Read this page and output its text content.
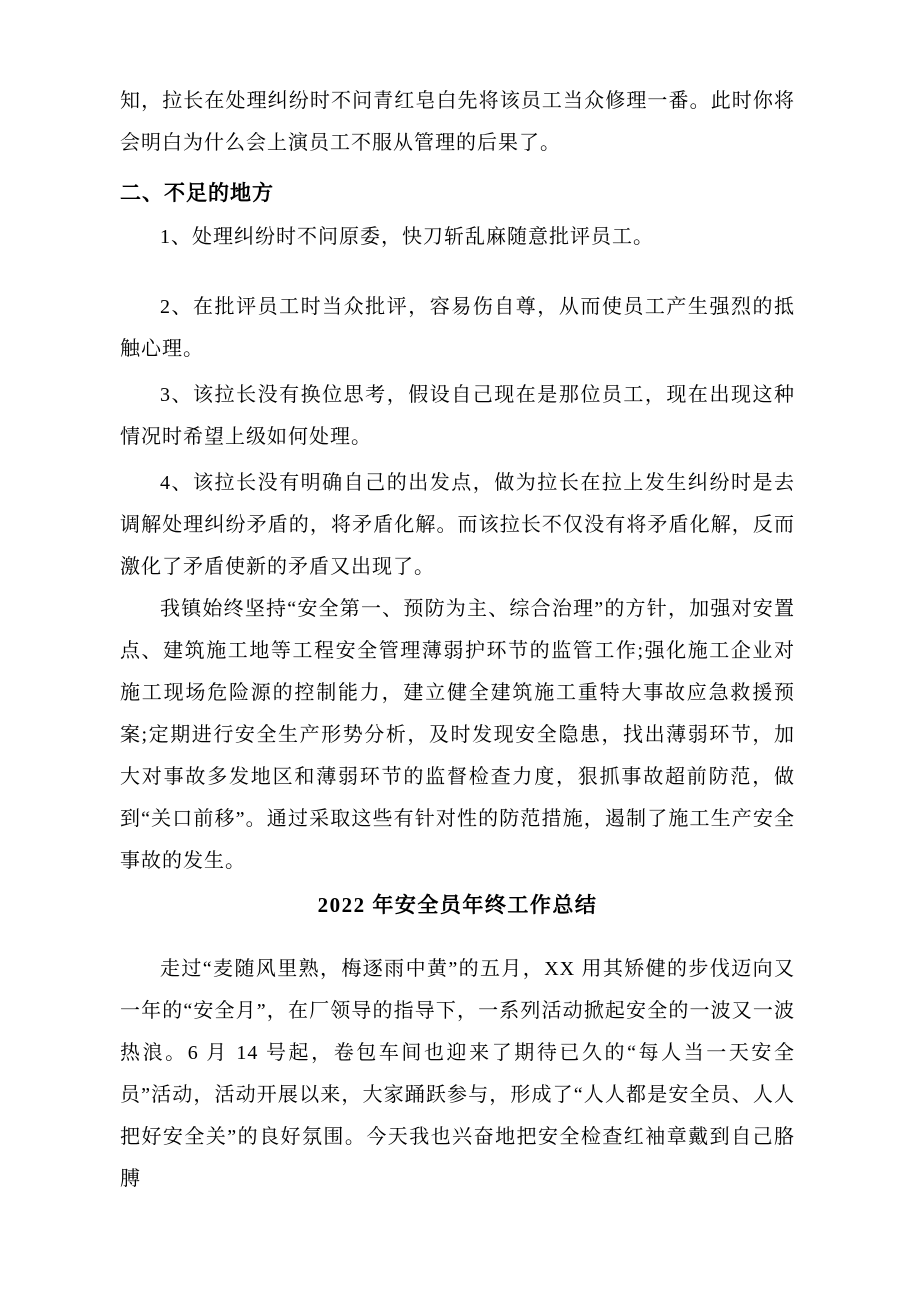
知，拉长在处理纠纷时不问青红皂白先将该员工当众修理一番。此时你将会明白为什么会上演员工不服从管理的后果了。

二、不足的地方

1、处理纠纷时不问原委，快刀斩乱麻随意批评员工。

2、在批评员工时当众批评，容易伤自尊，从而使员工产生强烈的抵触心理。

3、该拉长没有换位思考，假设自己现在是那位员工，现在出现这种情况时希望上级如何处理。

4、该拉长没有明确自己的出发点，做为拉长在拉上发生纠纷时是去调解处理纠纷矛盾的，将矛盾化解。而该拉长不仅没有将矛盾化解，反而激化了矛盾使新的矛盾又出现了。

我镇始终坚持“安全第一、预防为主、综合治理”的方针，加强对安置点、建筑施工地等工程安全管理薄弱护环节的监管工作;强化施工企业对施工现场危险源的控制能力，建立健全建筑施工重特大事故应急救援预案;定期进行安全生产形势分析，及时发现安全隐患，找出薄弱环节，加大对事故多发地区和薄弱环节的监督检查力度，狠抓事故超前防范，做到“关口前移”。通过采取这些有针对性的防范措施，遏制了施工生产安全事故的发生。

2022 年安全员年终工作总结

走过“麦随风里熟，梅逐雨中黄”的五月，XX 用其矫健的步伐迈向又一年的“安全月”，在厂领导的指导下，一系列活动掀起安全的一波又一波热浪。6 月 14 号起，卷包车间也迎来了期待已久的“每人当一天安全员”活动，活动开展以来，大家踊跃参与，形成了“人人都是安全员、人人把好安全关”的良好氛围。今天我也兴奋地把安全检查红袖章戴到自己胳膊
